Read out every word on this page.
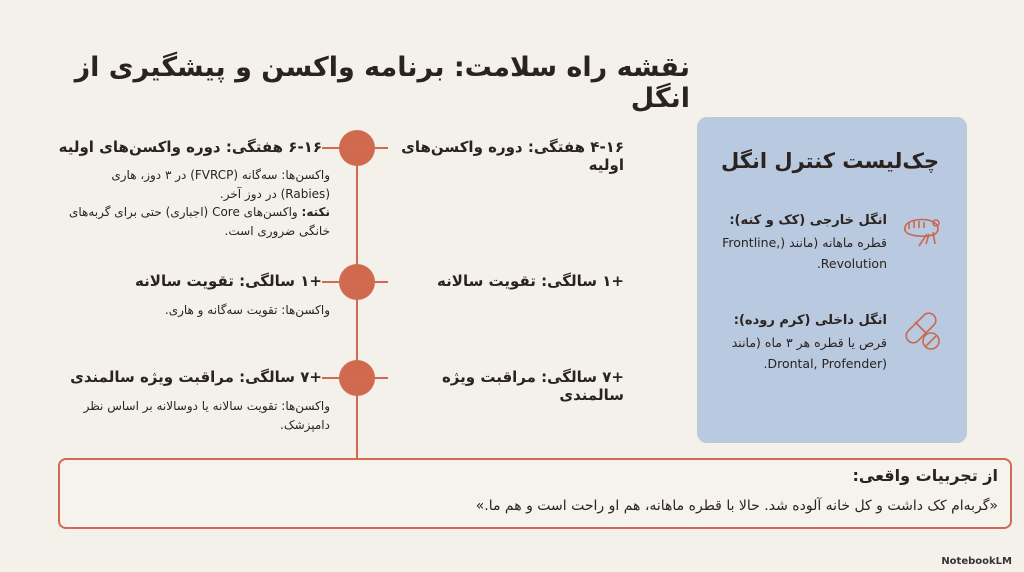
نقشه راه سلامت: برنامه واکسن و پیشگیری از انگل
۴-۱۶ هفتگی: دوره واکسن‌های اولیه
+۱ سالگی: تقویت سالانه
+۷ سالگی: مراقبت ویژه سالمندی
۶-۱۶ هفتگی: دوره واکسن‌های اولیه
واکسن‌ها: سه‌گانه (FVRCP) در ۳ دوز، هاری (Rabies) در دوز آخر.
نکته: واکسن‌های Core (اجباری) حتی برای گربه‌های خانگی ضروری است.
+۱ سالگی: تقویت سالانه
واکسن‌ها: تقویت سه‌گانه و هاری.
+۷ سالگی: مراقبت ویژه سالمندی
واکسن‌ها: تقویت سالانه یا دوسالانه بر اساس نظر دامپزشک.
چک‌لیست کنترل انگل
انگل خارجی (کک و کنه):
قطره ماهانه (مانند (Frontline, Revolution.
انگل داخلی (کرم روده):
قرص یا قطره هر ۳ ماه (مانند (Drontal, Profender.
از تجربیات واقعی:
«گربه‌ام کک داشت و کل خانه آلوده شد. حالا با قطره ماهانه، هم او راحت است و هم ما.»
NotebookLM
